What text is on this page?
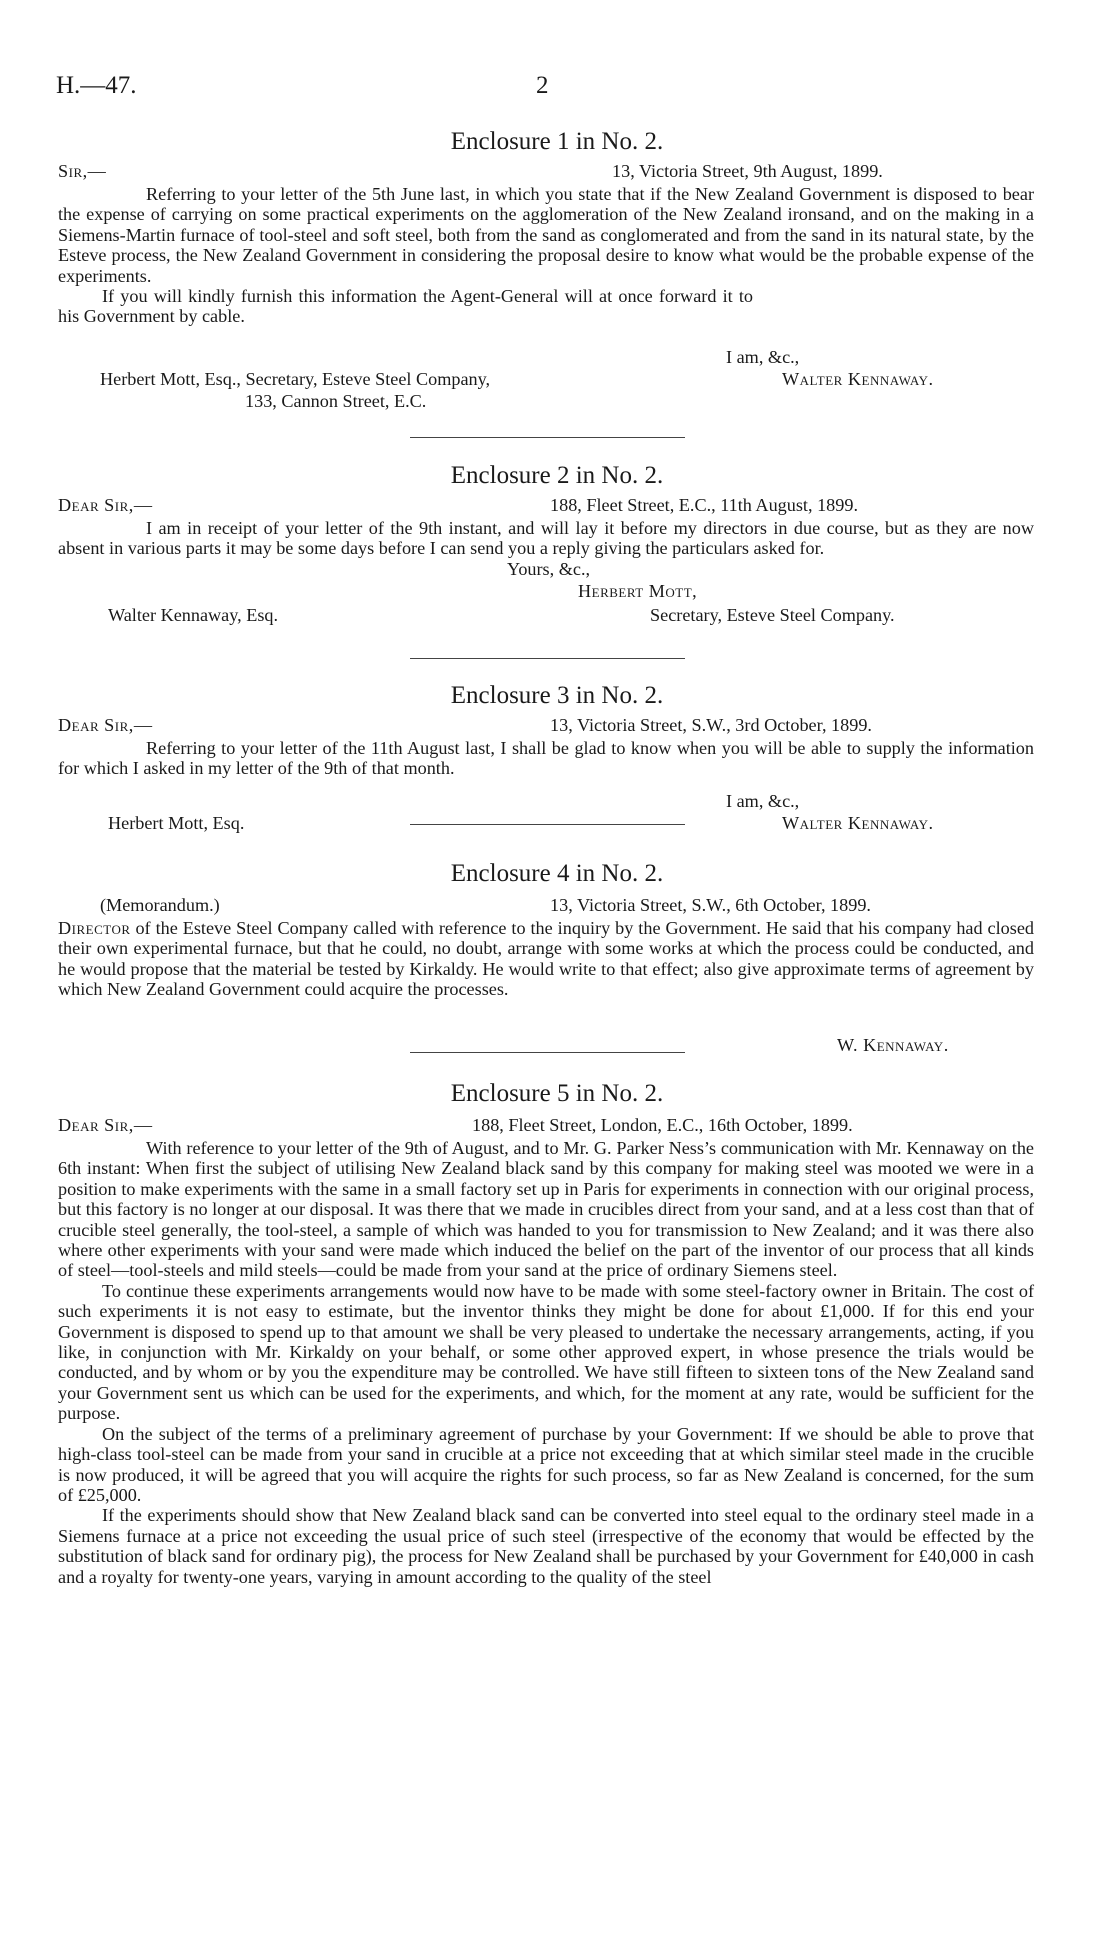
H.—47.	2
Enclosure 1 in No. 2.
Sir,—	13, Victoria Street, 9th August, 1899.

Referring to your letter of the 5th June last, in which you state that if the New Zealand Government is disposed to bear the expense of carrying on some practical experiments on the agglomeration of the New Zealand ironsand, and on the making in a Siemens-Martin furnace of tool-steel and soft steel, both from the sand as conglomerated and from the sand in its natural state, by the Esteve process, the New Zealand Government in considering the proposal desire to know what would be the probable expense of the experiments.

If you will kindly furnish this information the Agent-General will at once forward it to his Government by cable.

I am, &c.,
Herbert Mott, Esq., Secretary, Esteve Steel Company,	Walter Kennaway.
133, Cannon Street, E.C.
Enclosure 2 in No. 2.
Dear Sir,—	188, Fleet Street, E.C., 11th August, 1899.

I am in receipt of your letter of the 9th instant, and will lay it before my directors in due course, but as they are now absent in various parts it may be some days before I can send you a reply giving the particulars asked for.

Yours, &c.,
Herbert Mott,
Walter Kennaway, Esq.	Secretary, Esteve Steel Company.
Enclosure 3 in No. 2.
Dear Sir,—	13, Victoria Street, S.W., 3rd October, 1899.

Referring to your letter of the 11th August last, I shall be glad to know when you will be able to supply the information for which I asked in my letter of the 9th of that month.

I am, &c.,
Herbert Mott, Esq.	Walter Kennaway.
Enclosure 4 in No. 2.
(Memorandum.)	13, Victoria Street, S.W., 6th October, 1899.

Director of the Esteve Steel Company called with reference to the inquiry by the Government. He said that his company had closed their own experimental furnace, but that he could, no doubt, arrange with some works at which the process could be conducted, and he would propose that the material be tested by Kirkaldy. He would write to that effect; also give approximate terms of agreement by which New Zealand Government could acquire the processes.

W. Kennaway.
Enclosure 5 in No. 2.
Dear Sir,—	188, Fleet Street, London, E.C., 16th October, 1899.

With reference to your letter of the 9th of August, and to Mr. G. Parker Ness’s communication with Mr. Kennaway on the 6th instant: When first the subject of utilising New Zealand black sand by this company for making steel was mooted we were in a position to make experiments with the same in a small factory set up in Paris for experiments in connection with our original process, but this factory is no longer at our disposal. It was there that we made in crucibles direct from your sand, and at a less cost than that of crucible steel generally, the tool-steel, a sample of which was handed to you for transmission to New Zealand; and it was there also where other experiments with your sand were made which induced the belief on the part of the inventor of our process that all kinds of steel—tool-steels and mild steels—could be made from your sand at the price of ordinary Siemens steel.

To continue these experiments arrangements would now have to be made with some steel-factory owner in Britain. The cost of such experiments it is not easy to estimate, but the inventor thinks they might be done for about £1,000. If for this end your Government is disposed to spend up to that amount we shall be very pleased to undertake the necessary arrangements, acting, if you like, in conjunction with Mr. Kirkaldy on your behalf, or some other approved expert, in whose presence the trials would be conducted, and by whom or by you the expenditure may be controlled. We have still fifteen to sixteen tons of the New Zealand sand your Government sent us which can be used for the experiments, and which, for the moment at any rate, would be sufficient for the purpose.

On the subject of the terms of a preliminary agreement of purchase by your Government: If we should be able to prove that high-class tool-steel can be made from your sand in crucible at a price not exceeding that at which similar steel made in the crucible is now produced, it will be agreed that you will acquire the rights for such process, so far as New Zealand is concerned, for the sum of £25,000.

If the experiments should show that New Zealand black sand can be converted into steel equal to the ordinary steel made in a Siemens furnace at a price not exceeding the usual price of such steel (irrespective of the economy that would be effected by the substitution of black sand for ordinary pig), the process for New Zealand shall be purchased by your Government for £40,000 in cash and a royalty for twenty-one years, varying in amount according to the quality of the steel
